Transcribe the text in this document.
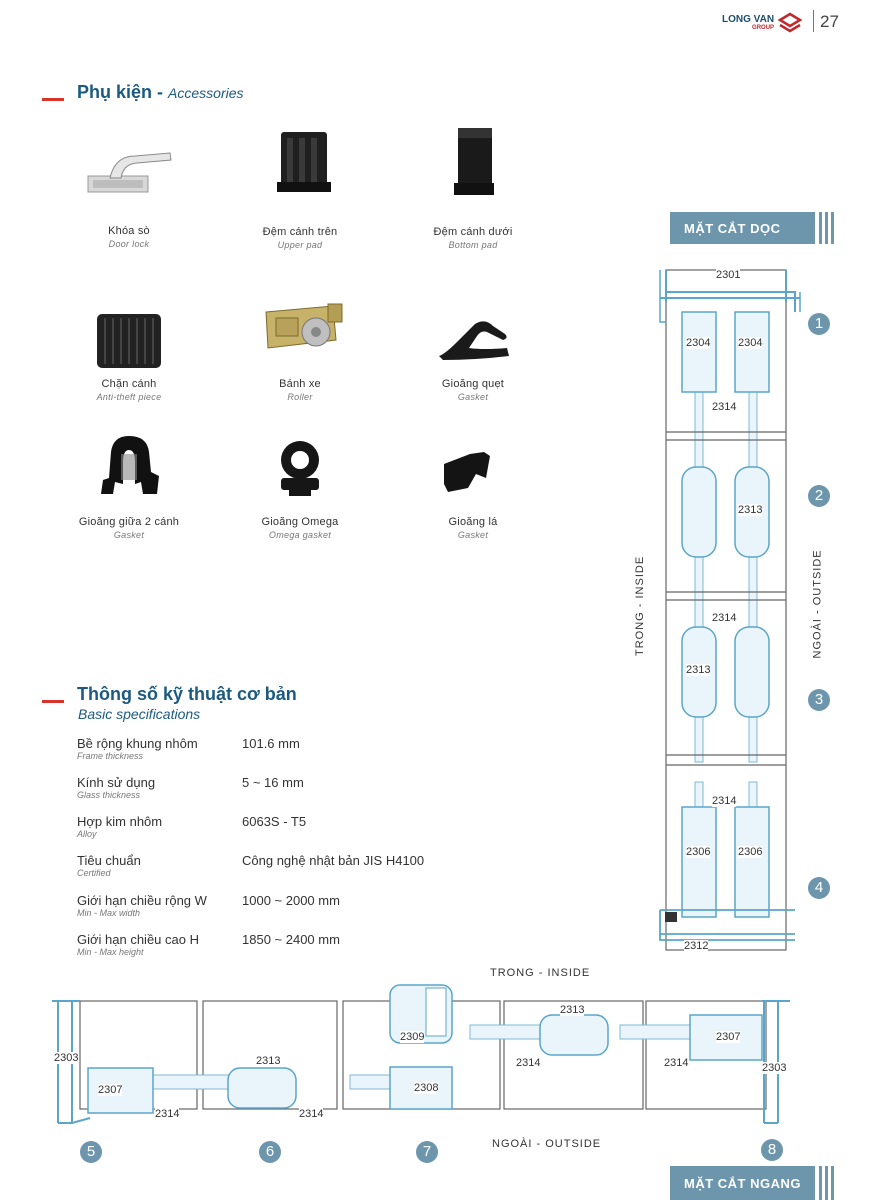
LONG VAN
GROUP	27
Phụ kiện - Accessories
Khóa sò
Door lock
Đệm cánh trên
Upper pad
Đệm cánh dưới
Bottom pad
Chặn cánh
Anti-theft piece
Bánh xe
Roller
Gioăng quẹt
Gasket
Gioăng giữa 2 cánh
Gasket
Gioăng Omega
Omega gasket
Gioăng lá
Gasket
Thông số kỹ thuật cơ bản
Basic specifications
Bề rộng khung nhôm
Frame thickness
101.6 mm
Kính sử dụng
Glass thickness
5 ~ 16 mm
Hợp kim nhôm
Alloy
6063S - T5
Tiêu chuẩn
Certified
Công nghệ nhật bản JIS H4100
Giới hạn chiều rộng W
Min - Max width
1000 ~ 2000 mm
Giới hạn chiều cao H
Min - Max height
1850 ~ 2400 mm
MẶT CẮT DỌC
2301
2304	2304
2314
2313
2314
2313
2314
2306	2306
2312
TRONG - INSIDE	NGOÀI - OUTSIDE
1
2
3
4
TRONG - INSIDE
2303
2307
2314
2313
2314
2309
2308
2313
2314	2314
2307
2303
NGOÀI - OUTSIDE
5	6	7	8
MẶT CẮT NGANG
